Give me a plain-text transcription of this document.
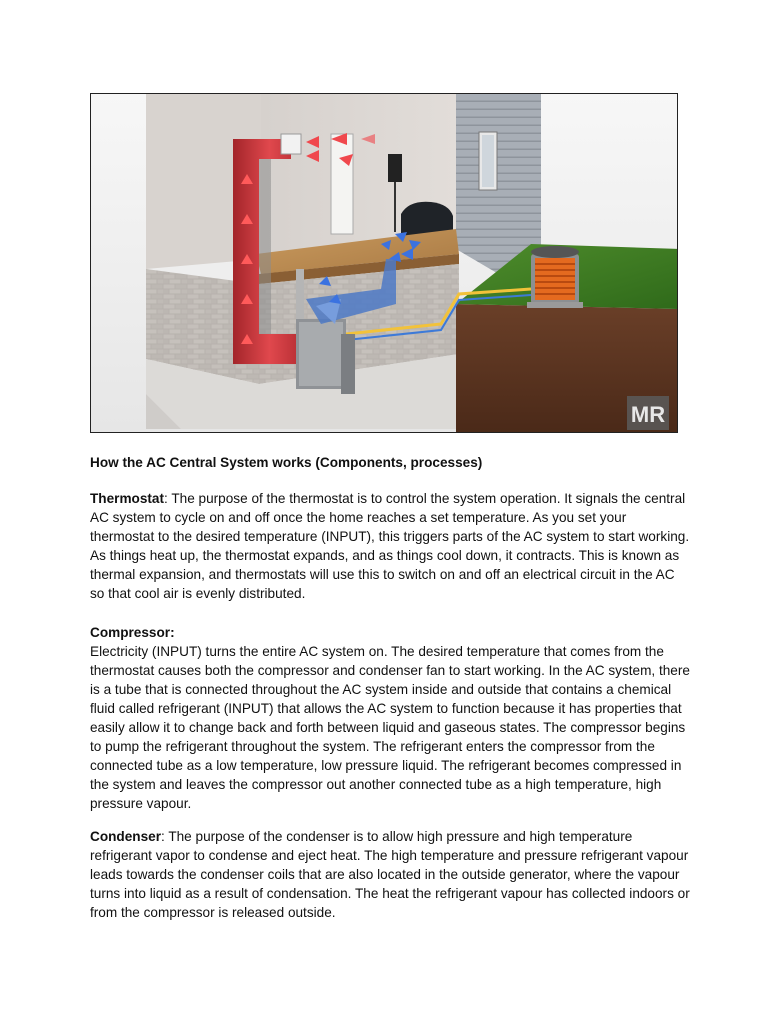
MR
How the AC Central System works (Components, processes)
Thermostat: The purpose of the thermostat is to control the system operation. It signals the central AC system to cycle on and off once the home reaches a set temperature. As you set your thermostat to the desired temperature (INPUT), this triggers parts of the AC system to start working. As things heat up, the thermostat expands, and as things cool down, it contracts. This is known as thermal expansion, and thermostats will use this to switch on and off an electrical circuit in the AC so that cool air is evenly distributed.
Compressor:
Electricity (INPUT) turns the entire AC system on. The desired temperature that comes from the thermostat causes both the compressor and condenser fan to start working. In the AC system, there is a tube that is connected throughout the AC system inside and outside that contains a chemical fluid called refrigerant (INPUT) that allows the AC system to function because it has properties that easily allow it to change back and forth between liquid and gaseous states. The compressor begins to pump the refrigerant throughout the system. The refrigerant enters the compressor from the connected tube as a low temperature, low pressure liquid. The refrigerant becomes compressed in the system and leaves the compressor out another connected tube as a high temperature, high pressure vapour.
Condenser: The purpose of the condenser is to allow high pressure and high temperature refrigerant vapor to condense and eject heat. The high temperature and pressure refrigerant vapour leads towards the condenser coils that are also located in the outside generator, where the vapour turns into liquid as a result of condensation. The heat the refrigerant vapour has collected indoors or from the compressor is released outside.
